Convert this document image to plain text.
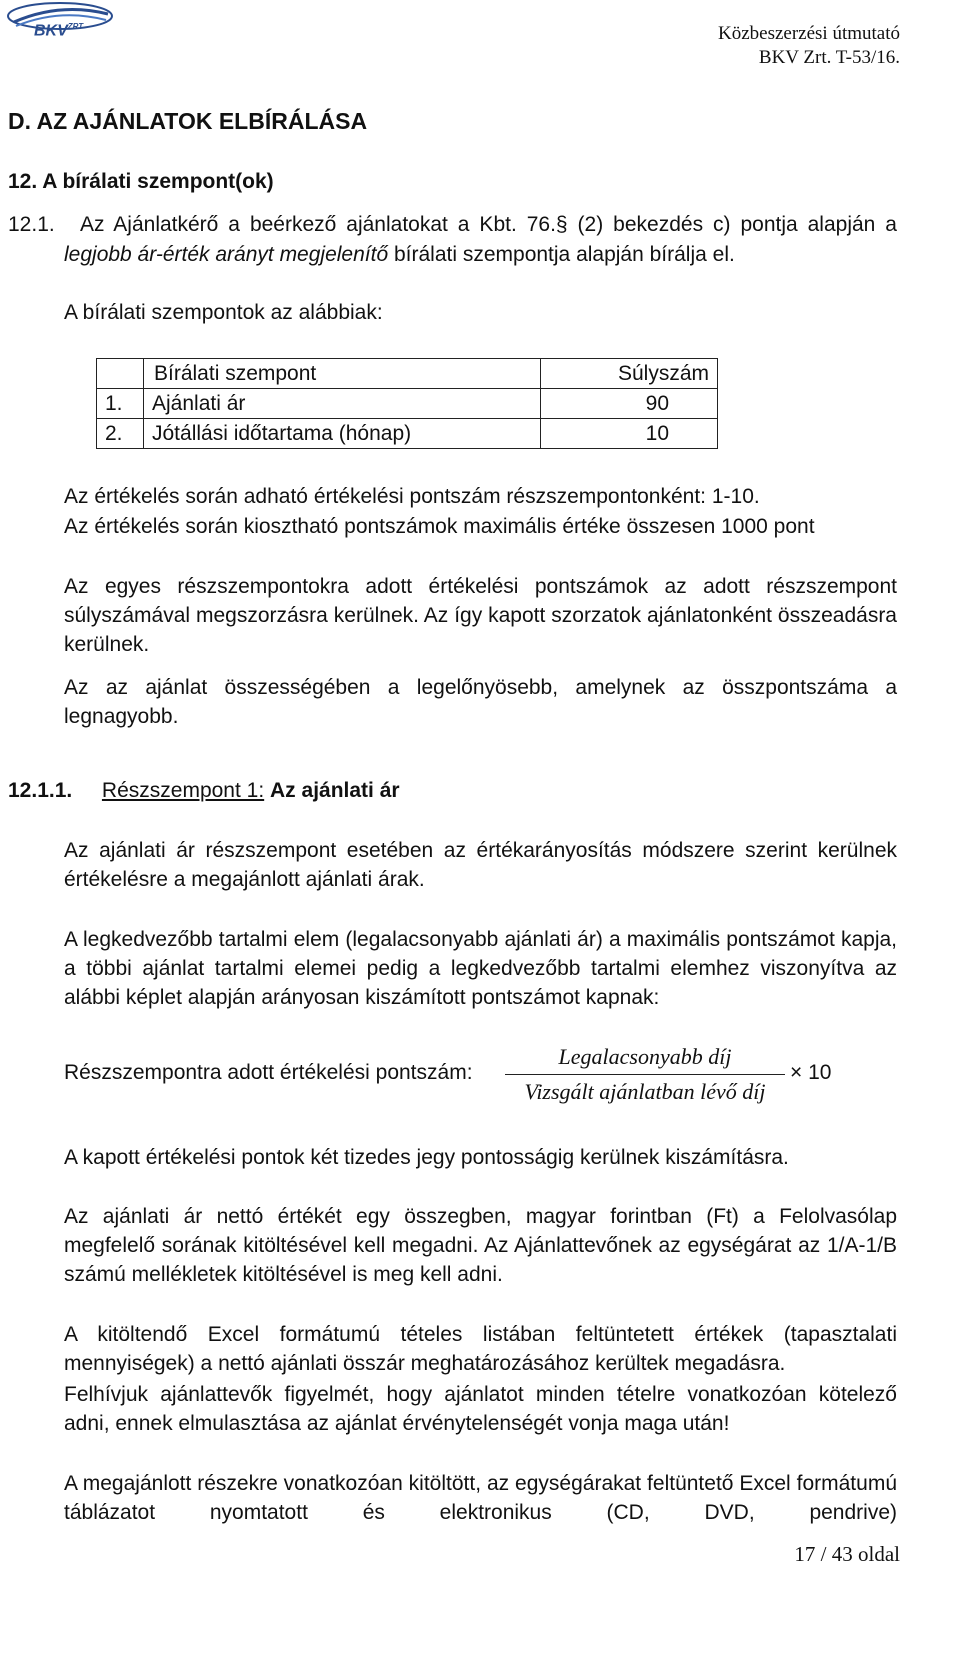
$BKV^{ZRT}$	Közbeszerzési útmutató
BKV Zrt. T-53/16.
D. AZ AJÁNLATOK ELBÍRÁLÁSA
12. A bírálati szempont(ok)
12.1. Az Ajánlatkérő a beérkező ajánlatokat a Kbt. 76.§ (2) bekezdés c) pontja alapján a
legjobb ár-érték arányt megjelenítő bírálati szempontja alapján bírálja el.
A bírálati szempontok az alábbiak:
	Bírálati szempont	Súlyszám
1.	Ajánlati ár	90
2.	Jótállási időtartama (hónap)	10
Az értékelés során adható értékelési pontszám részszempontonként: 1-10.
Az értékelés során kiosztható pontszámok maximális értéke összesen 1000 pont
Az egyes részszempontokra adott értékelési pontszámok az adott részszempont súlyszámával megszorzásra kerülnek. Az így kapott szorzatok ajánlatonként összeadásra kerülnek.
Az az ajánlat összességében a legelőnyösebb, amelynek az összpontszáma a legnagyobb.
12.1.1. Részszempont 1: Az ajánlati ár
Az ajánlati ár részszempont esetében az értékarányosítás módszere szerint kerülnek értékelésre a megajánlott ajánlati árak.
A legkedvezőbb tartalmi elem (legalacsonyabb ajánlati ár) a maximális pontszámot kapja, a többi ajánlat tartalmi elemei pedig a legkedvezőbb tartalmi elemhez viszonyítva az alábbi képlet alapján arányosan kiszámított pontszámot kapnak:
Részszempontra adott értékelési pontszám:
Legalacsonyabb díj
Vizsgált ajánlatban lévő díj
× 10
A kapott értékelési pontok két tizedes jegy pontosságig kerülnek kiszámításra.
Az ajánlati ár nettó értékét egy összegben, magyar forintban (Ft) a Felolvasólap megfelelő sorának kitöltésével kell megadni. Az Ajánlattevőnek az egységárat az 1/A-1/B számú mellékletek kitöltésével is meg kell adni.
A kitöltendő Excel formátumú tételes listában feltüntetett értékek (tapasztalati mennyiségek) a nettó ajánlati összár meghatározásához kerültek megadásra.
Felhívjuk ajánlattevők figyelmét, hogy ajánlatot minden tételre vonatkozóan kötelező adni, ennek elmulasztása az ajánlat érvénytelenségét vonja maga után!
A megajánlott részekre vonatkozóan kitöltött, az egységárakat feltüntető Excel formátumú táblázatot nyomtatott és elektronikus (CD, DVD, pendrive)
17 / 43 oldal
